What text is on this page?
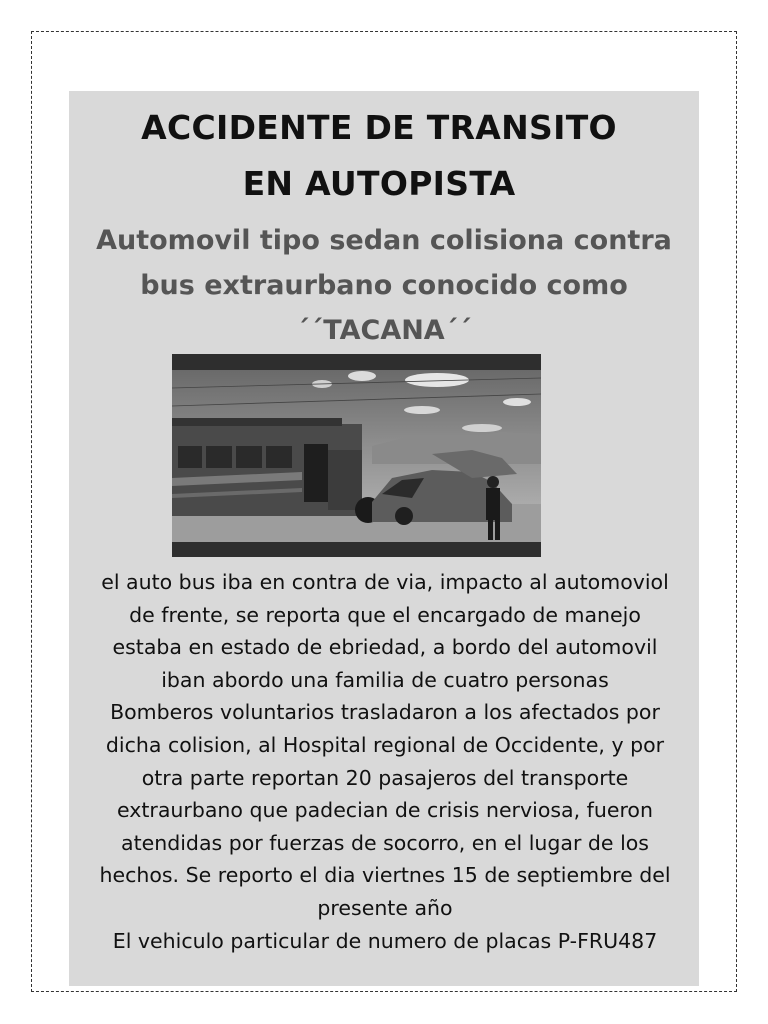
ACCIDENTE DE TRANSITO
EN AUTOPISTA
Automovil tipo sedan colisiona contra bus extraurbano conocido como ´´TACANA´´
el auto bus iba en contra de via, impacto al automoviol
de frente, se reporta que el encargado de manejo
estaba en estado de ebriedad, a bordo del automovil
iban abordo una familia de cuatro personas
Bomberos voluntarios trasladaron a los afectados por
dicha colision, al Hospital regional de Occidente, y por
otra parte reportan 20 pasajeros del transporte
extraurbano que padecian de crisis nerviosa, fueron
atendidas por fuerzas de socorro, en el lugar de los
hechos. Se reporto el dia viertnes 15 de septiembre del
presente año
El vehiculo particular de numero de placas P-FRU487
